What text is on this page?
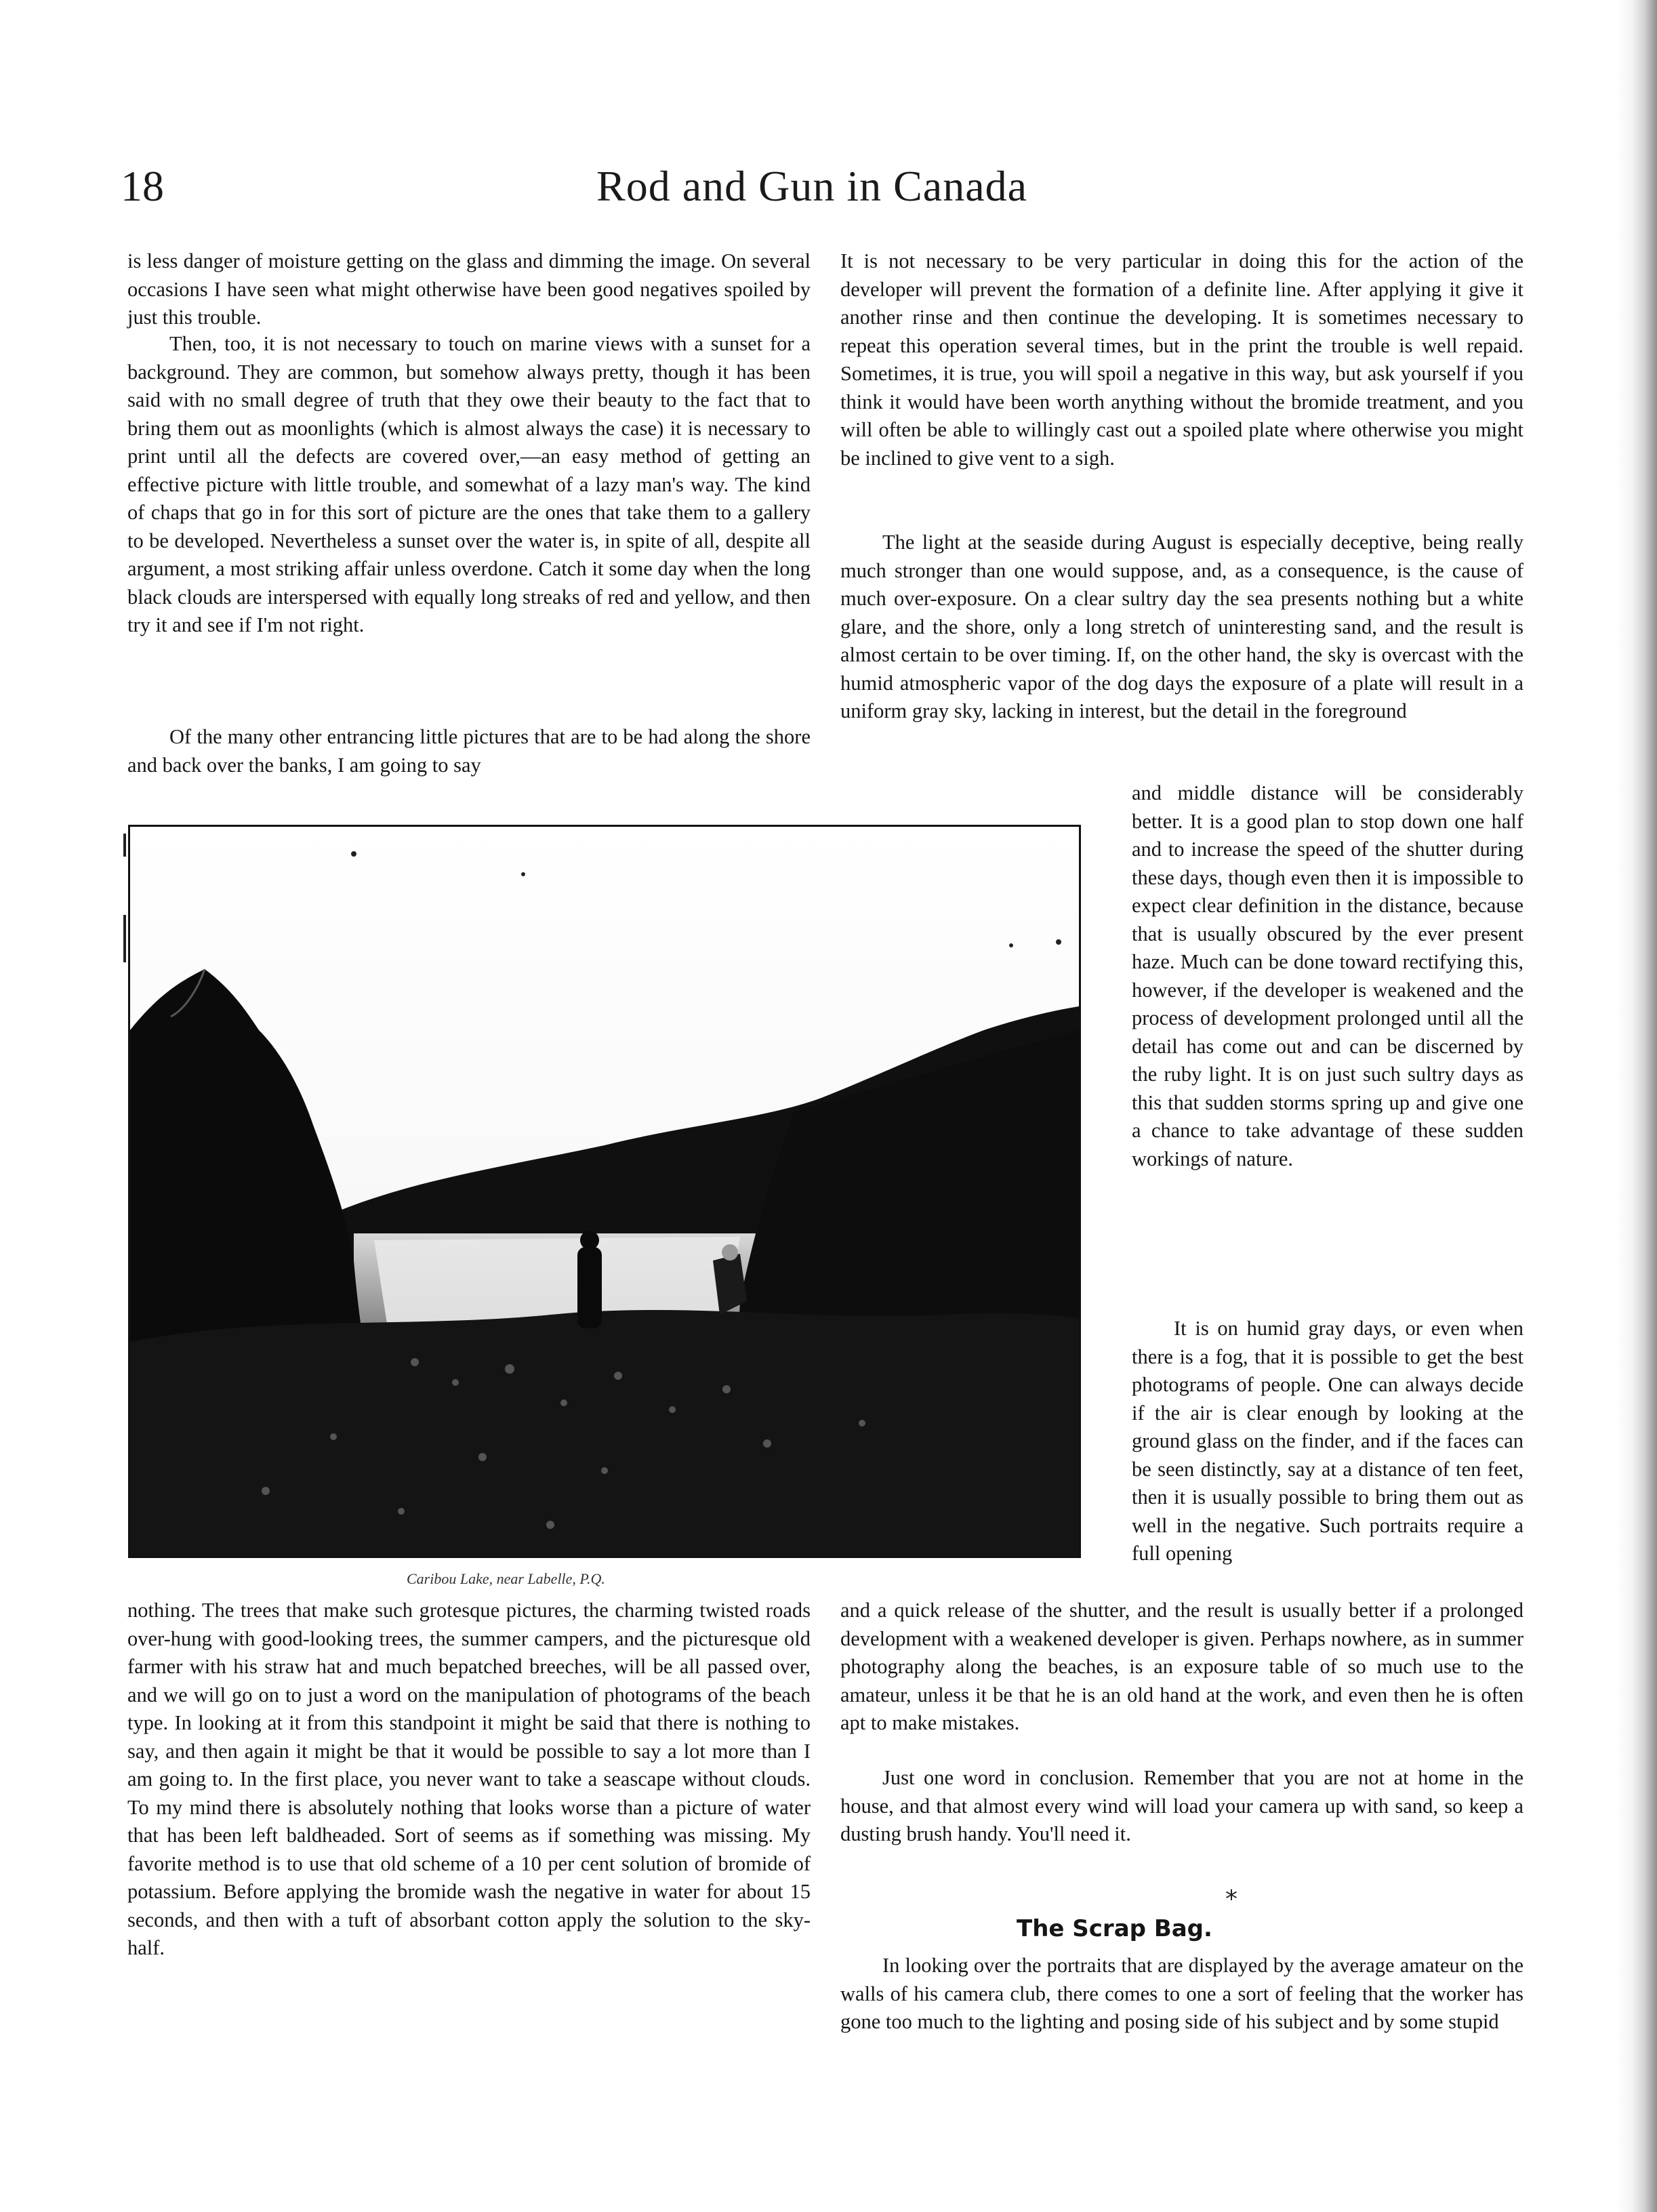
18	Rod and Gun in Canada

is less danger of moisture getting on the glass and dimming the image. On several occasions I have seen what might otherwise have been good negatives spoiled by just this trouble.

Then, too, it is not necessary to touch on marine views with a sunset for a background. They are common, but somehow always pretty, though it has been said with no small degree of truth that they owe their beauty to the fact that to bring them out as moonlights (which is almost always the case) it is necessary to print until all the defects are covered over,—an easy method of getting an effective picture with little trouble, and somewhat of a lazy man's way. The kind of chaps that go in for this sort of picture are the ones that take them to a gallery to be developed. Nevertheless a sunset over the water is, in spite of all, despite all argument, a most striking affair unless overdone. Catch it some day when the long black clouds are interspersed with equally long streaks of red and yellow, and then try it and see if I'm not right.

Of the many other entrancing little pictures that are to be had along the shore and back over the banks, I am going to say

It is not necessary to be very particular in doing this for the action of the developer will prevent the formation of a definite line. After applying it give it another rinse and then continue the developing. It is sometimes necessary to repeat this operation several times, but in the print the trouble is well repaid. Sometimes, it is true, you will spoil a negative in this way, but ask yourself if you think it would have been worth anything without the bromide treatment, and you will often be able to willingly cast out a spoiled plate where otherwise you might be inclined to give vent to a sigh.

The light at the seaside during August is especially deceptive, being really much stronger than one would suppose, and, as a consequence, is the cause of much over-exposure. On a clear sultry day the sea presents nothing but a white glare, and the shore, only a long stretch of uninteresting sand, and the result is almost certain to be over timing. If, on the other hand, the sky is overcast with the humid atmospheric vapor of the dog days the exposure of a plate will result in a uniform gray sky, lacking in interest, but the detail in the foreground

and middle distance will be considerably better. It is a good plan to stop down one half and to increase the speed of the shutter during these days, though even then it is impossible to expect clear definition in the distance, because that is usually obscured by the ever present haze. Much can be done toward rectifying this, however, if the developer is weakened and the process of development prolonged until all the detail has come out and can be discerned by the ruby light. It is on just such sultry days as this that sudden storms spring up and give one a chance to take advantage of these sudden workings of nature.

It is on humid gray days, or even when there is a fog, that it is possible to get the best photograms of people. One can always decide if the air is clear enough by looking at the ground glass on the finder, and if the faces can be seen distinctly, say at a distance of ten feet, then it is usually possible to bring them out as well in the negative. Such portraits require a full opening

Caribou Lake, near Labelle, P.Q.

nothing. The trees that make such grotesque pictures, the charming twisted roads over-hung with good-looking trees, the summer campers, and the picturesque old farmer with his straw hat and much bepatched breeches, will be all passed over, and we will go on to just a word on the manipulation of photograms of the beach type. In looking at it from this standpoint it might be said that there is nothing to say, and then again it might be that it would be possible to say a lot more than I am going to. In the first place, you never want to take a seascape without clouds. To my mind there is absolutely nothing that looks worse than a picture of water that has been left baldheaded. Sort of seems as if something was missing. My favorite method is to use that old scheme of a 10 per cent solution of bromide of potassium. Before applying the bromide wash the negative in water for about 15 seconds, and then with a tuft of absorbant cotton apply the solution to the sky-half.

and a quick release of the shutter, and the result is usually better if a prolonged development with a weakened developer is given. Perhaps nowhere, as in summer photography along the beaches, is an exposure table of so much use to the amateur, unless it be that he is an old hand at the work, and even then he is often apt to make mistakes.

Just one word in conclusion. Remember that you are not at home in the house, and that almost every wind will load your camera up with sand, so keep a dusting brush handy. You'll need it.

*
The Scrap Bag.

In looking over the portraits that are displayed by the average amateur on the walls of his camera club, there comes to one a sort of feeling that the worker has gone too much to the lighting and posing side of his subject and by some stupid
